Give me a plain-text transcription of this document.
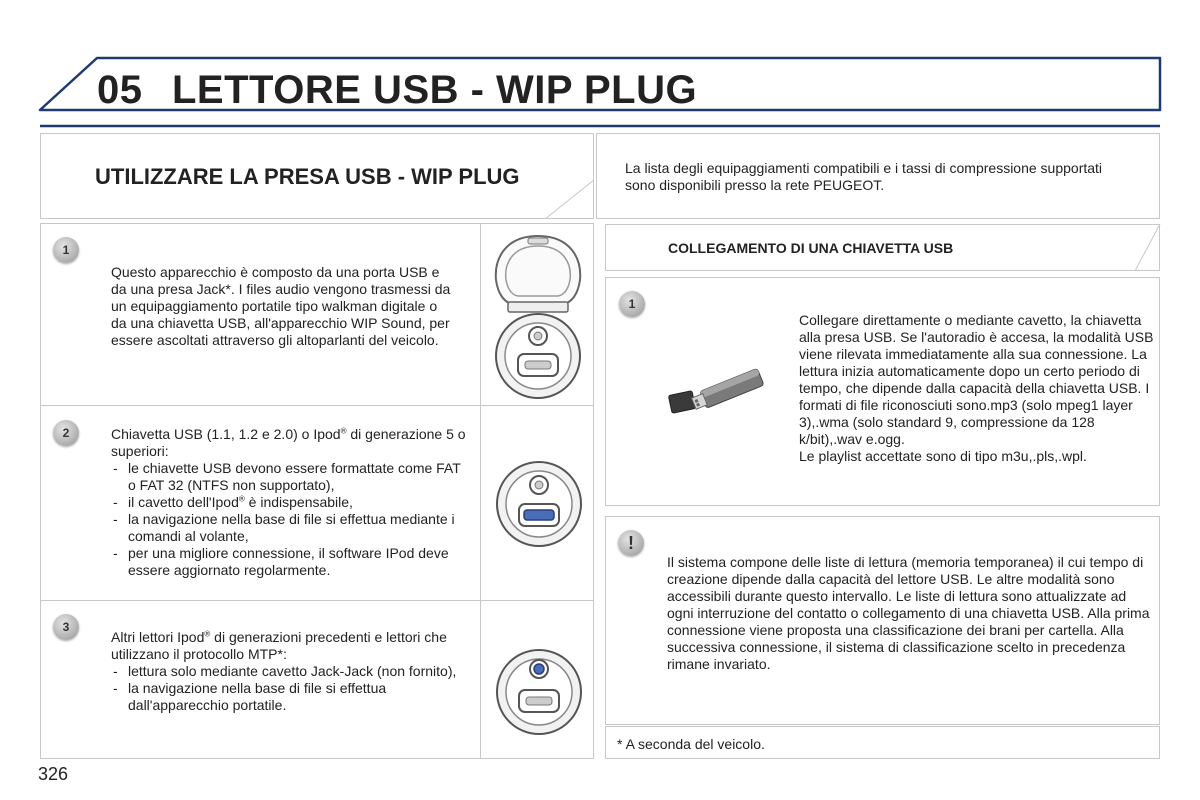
05 LETTORE USB - WIP PLUG
UTILIZZARE LA PRESA USB - WIP PLUG	La lista degli equipaggiamenti compatibili e i tassi di compressione supportati sono disponibili presso la rete PEUGEOT.
1
Questo apparecchio è composto da una porta USB e da una presa Jack*. I files audio vengono trasmessi da un equipaggiamento portatile tipo walkman digitale o da una chiavetta USB, all'apparecchio WIP Sound, per essere ascoltati attraverso gli altoparlanti del veicolo.
2	Chiavetta USB (1.1, 1.2 e 2.0) o Ipod® di generazione 5 o superiori:

- le chiavette USB devono essere formattate come FAT o FAT 32 (NTFS non supportato),
- il cavetto dell'Ipod® è indispensabile,
- la navigazione nella base di file si effettua mediante i comandi al volante,
- per una migliore connessione, il software IPod deve essere aggiornato regolarmente.
3

Altri lettori Ipod® di generazioni precedenti e lettori che utilizzano il protocollo MTP*:

- lettura solo mediante cavetto Jack-Jack (non fornito),
- la navigazione nella base di file si effettua dall'apparecchio portatile.
COLLEGAMENTO DI UNA CHIAVETTA USB
1

Collegare direttamente o mediante cavetto, la chiavetta alla presa USB. Se l'autoradio è accesa, la modalità USB viene rilevata immediatamente alla sua connessione. La lettura inizia automaticamente dopo un certo periodo di tempo, che dipende dalla capacità della chiavetta USB. I formati di file riconosciuti sono.mp3 (solo mpeg1 layer 3),.wma (solo standard 9, compressione da 128 k/bit),.wav e.ogg.

Le playlist accettate sono di tipo m3u,.pls,.wpl.

!
Il sistema compone delle liste di lettura (memoria temporanea) il cui tempo di creazione dipende dalla capacità del lettore USB. Le altre modalità sono accessibili durante questo intervallo. Le liste di lettura sono attualizzate ad ogni interruzione del contatto o collegamento di una chiavetta USB. Alla prima connessione viene proposta una classificazione dei brani per cartella. Alla successiva connessione, il sistema di classificazione scelto in precedenza rimane invariato.
* A seconda del veicolo.
326
